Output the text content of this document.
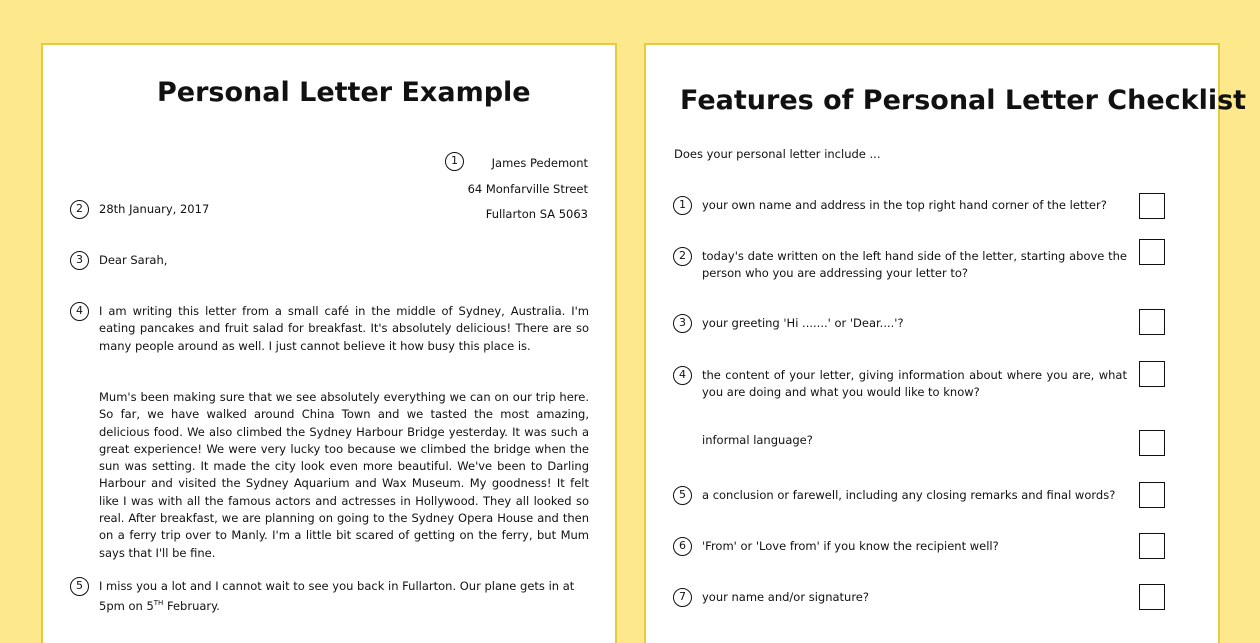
Personal Letter Example
1	James Pedemont
64 Monfarville Street
Fullarton SA 5063
2	28th January, 2017
3	Dear Sarah,
4	I am writing this letter from a small café in the middle of Sydney, Australia. I'm eating pancakes and fruit salad for breakfast. It's absolutely delicious! There are so many people around as well. I just cannot believe it how busy this place is.
Mum's been making sure that we see absolutely everything we can on our trip here. So far, we have walked around China Town and we tasted the most amazing, delicious food. We also climbed the Sydney Harbour Bridge yesterday. It was such a great experience! We were very lucky too because we climbed the bridge when the sun was setting. It made the city look even more beautiful. We've been to Darling Harbour and visited the Sydney Aquarium and Wax Museum. My goodness! It felt like I was with all the famous actors and actresses in Hollywood. They all looked so real. After breakfast, we are planning on going to the Sydney Opera House and then on a ferry trip over to Manly. I'm a little bit scared of getting on the ferry, but Mum says that I'll be fine.
5	I miss you a lot and I cannot wait to see you back in Fullarton. Our plane gets in at 5pm on 5TH February.
Features of Personal Letter Checklist
Does your personal letter include ...
1	your own name and address in the top right hand corner of the letter?
2	today's date written on the left hand side of the letter, starting above the person who you are addressing your letter to?
3	your greeting 'Hi .......' or 'Dear....'?
4	the content of your letter, giving information about where you are, what you are doing and what you would like to know?
informal language?
5	a conclusion or farewell, including any closing remarks and final words?
6	'From' or 'Love from' if you know the recipient well?
7	your name and/or signature?
